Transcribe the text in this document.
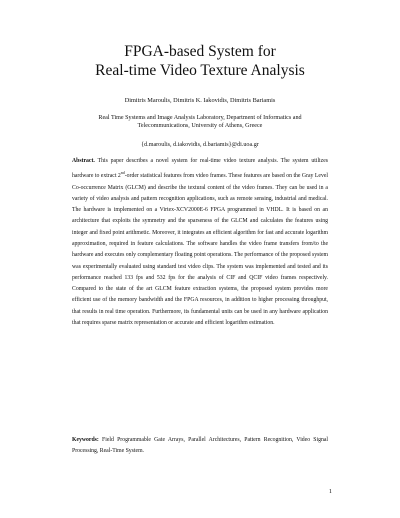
FPGA-based System for
Real-time Video Texture Analysis
Dimitris Maroulis, Dimitris K. Iakovidis, Dimitris Bariamis
Real Time Systems and Image Analysis Laboratory, Department of Informatics and
Telecommunications, University of Athens, Greece
{d.maroulis, d.iakovidis, d.bariamis}@di.uoa.gr

Abstract. This paper describes a novel system for real-time video texture analysis. The system utilizes hardware to extract 2nd-order statistical features from video frames. These features are based on the Gray Level Co-occurrence Matrix (GLCM) and describe the textural content of the video frames. They can be used in a variety of video analysis and pattern recognition applications, such as remote sensing, industrial and medical. The hardware is implemented on a Virtex-XCV2000E-6 FPGA programmed in VHDL. It is based on an architecture that exploits the symmetry and the sparseness of the GLCM and calculates the features using integer and fixed point arithmetic. Moreover, it integrates an efficient algorithm for fast and accurate logarithm approximation, required in feature calculations. The software handles the video frame transfers from/to the hardware and executes only complementary floating point operations. The performance of the proposed system was experimentally evaluated using standard test video clips. The system was implemented and tested and its performance reached 133 fps and 532 fps for the analysis of CIF and QCIF video frames respectively. Compared to the state of the art GLCM feature extraction systems, the proposed system provides more efficient use of the memory bandwidth and the FPGA resources, in addition to higher processing throughput, that results in real time operation. Furthermore, its fundamental units can be used in any hardware application that requires sparse matrix representation or accurate and efficient logarithm estimation.

Keywords: Field Programmable Gate Arrays, Parallel Architectures, Pattern Recognition, Video Signal Processing, Real-Time System.

1
